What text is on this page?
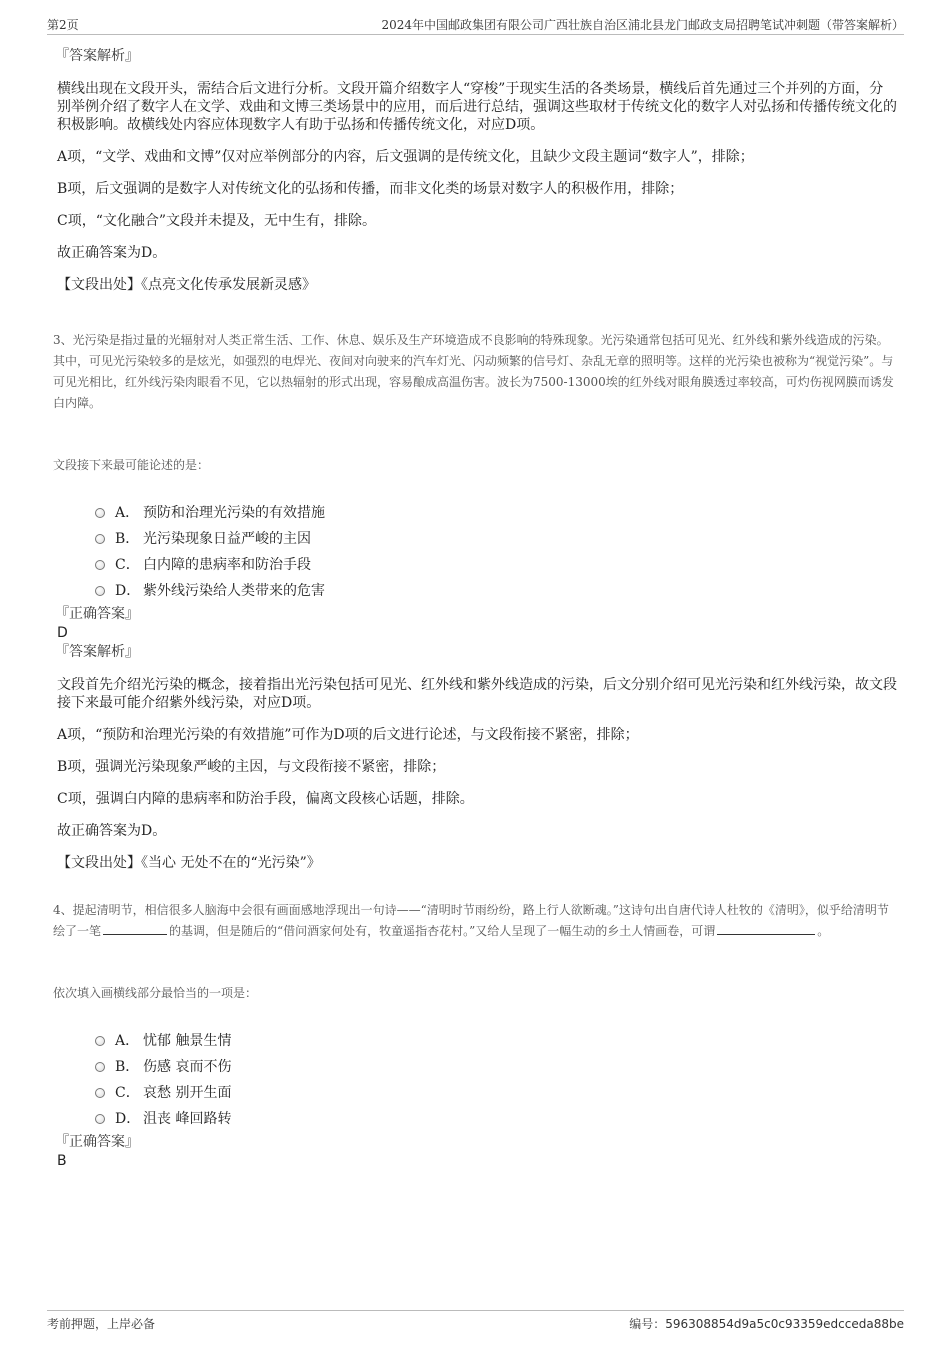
第2页	2024年中国邮政集团有限公司广西壮族自治区浦北县龙门邮政支局招聘笔试冲刺题（带答案解析）

『答案解析』

横线出现在文段开头，需结合后文进行分析。文段开篇介绍数字人“穿梭”于现实生活的各类场景，横线后首先通过三个并列的方面，分别举例介绍了数字人在文学、戏曲和文博三类场景中的应用，而后进行总结，强调这些取材于传统文化的数字人对弘扬和传播传统文化的积极影响。故横线处内容应体现数字人有助于弘扬和传播传统文化，对应D项。

A项，“文学、戏曲和文博”仅对应举例部分的内容，后文强调的是传统文化，且缺少文段主题词“数字人”，排除；

B项，后文强调的是数字人对传统文化的弘扬和传播，而非文化类的场景对数字人的积极作用，排除；

C项，“文化融合”文段并未提及，无中生有，排除。

故正确答案为D。

【文段出处】《点亮文化传承发展新灵感》

3、光污染是指过量的光辐射对人类正常生活、工作、休息、娱乐及生产环境造成不良影响的特殊现象。光污染通常包括可见光、红外线和紫外线造成的污染。其中，可见光污染较多的是炫光，如强烈的电焊光、夜间对向驶来的汽车灯光、闪动频繁的信号灯、杂乱无章的照明等。这样的光污染也被称为“视觉污染”。与可见光相比，红外线污染肉眼看不见，它以热辐射的形式出现，容易酿成高温伤害。波长为7500-13000埃的红外线对眼角膜透过率较高，可灼伤视网膜而诱发白内障。

文段接下来最可能论述的是：

A． 预防和治理光污染的有效措施
B． 光污染现象日益严峻的主因
C． 白内障的患病率和防治手段
D． 紫外线污染给人类带来的危害

『正确答案』

D

『答案解析』

文段首先介绍光污染的概念，接着指出光污染包括可见光、红外线和紫外线造成的污染，后文分别介绍可见光污染和红外线污染，故文段接下来最可能介绍紫外线污染，对应D项。

A项，“预防和治理光污染的有效措施”可作为D项的后文进行论述，与文段衔接不紧密，排除；

B项，强调光污染现象严峻的主因，与文段衔接不紧密，排除；

C项，强调白内障的患病率和防治手段，偏离文段核心话题，排除。

故正确答案为D。

【文段出处】《当心 无处不在的“光污染”》

4、提起清明节，相信很多人脑海中会很有画面感地浮现出一句诗——“清明时节雨纷纷，路上行人欲断魂。”这诗句出自唐代诗人杜牧的《清明》，似乎给清明节绘了一笔	的基调，但是随后的“借问酒家何处有，牧童遥指杏花村。”又给人呈现了一幅生动的乡土人情画卷，可谓	。

依次填入画横线部分最恰当的一项是：

A． 忧郁 触景生情
B． 伤感 哀而不伤
C． 哀愁 别开生面
D． 沮丧 峰回路转

『正确答案』

B

考前押题，上岸必备	编号：596308854d9a5c0c93359edcceda88be
